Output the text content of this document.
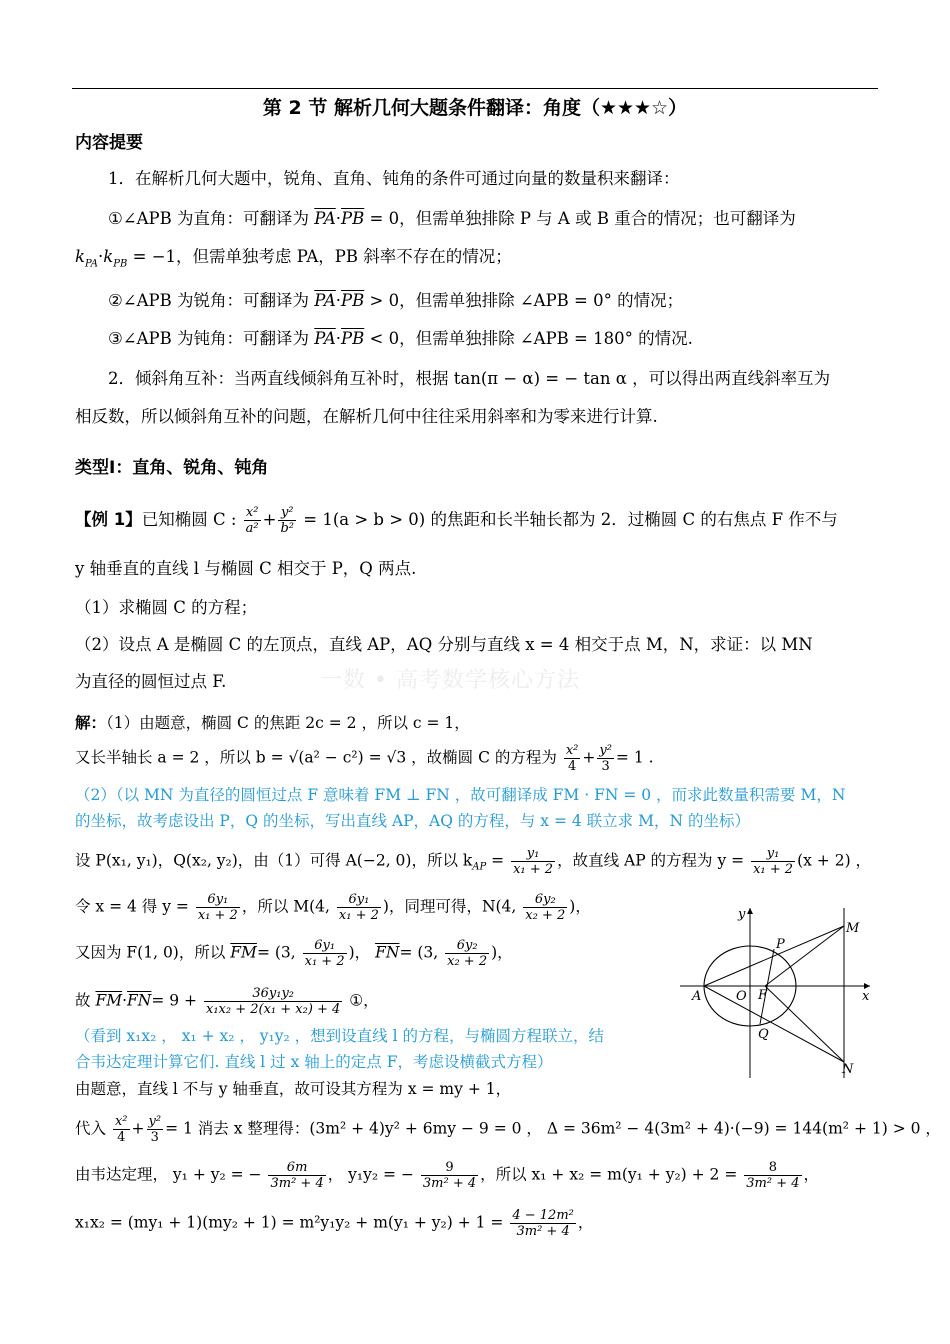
第 2 节 解析几何大题条件翻译：角度（★★★☆）
内容提要
1．在解析几何大题中，锐角、直角、钝角的条件可通过向量的数量积来翻译：
①∠APB 为直角：可翻译为 $\overline{PA}\cdot\overline{PB} = 0$，但需单独排除 P 与 A 或 B 重合的情况；也可翻译为
$k_{PA}\cdot k_{PB} = -1$，但需单独考虑 PA，PB 斜率不存在的情况；
②∠APB 为锐角：可翻译为 $\overline{PA}\cdot\overline{PB} > 0$，但需单独排除 ∠APB = 0° 的情况；
③∠APB 为钝角：可翻译为 $\overline{PA}\cdot\overline{PB} < 0$，但需单独排除 ∠APB = 180° 的情况.
2．倾斜角互补：当两直线倾斜角互补时，根据 tan(π − α) = − tan α ，可以得出两直线斜率互为
相反数，所以倾斜角互补的问题，在解析几何中往往采用斜率和为零来进行计算.
类型Ⅰ：直角、锐角、钝角
【例 1】已知椭圆 C : $\frac{\text{x²}}{\text{a²}} + \frac{\text{y²}}{\text{b²}} = 1(a > b > 0)$ 的焦距和长半轴长都为 2．过椭圆 C 的右焦点 F 作不与
y 轴垂直的直线 l 与椭圆 C 相交于 P，Q 两点.
（1）求椭圆 C 的方程；
（2）设点 A 是椭圆 C 的左顶点，直线 AP，AQ 分别与直线 x = 4 相交于点 M，N，求证：以 MN
为直径的圆恒过点 F.	一数 • 高考数学核心方法
解：（1）由题意，椭圆 C 的焦距 2c = 2 ，所以 c = 1，
又长半轴长 a = 2 ，所以 b = √(a² − c²) = √3 ，故椭圆 C 的方程为 $\frac{\text{x²}}{4} + \frac{\text{y²}}{3} = 1$ .
（2）（以 MN 为直径的圆恒过点 F 意味着 FM ⊥ FN ，故可翻译成 FM · FN = 0 ，而求此数量积需要 M，N
的坐标，故考虑设出 P，Q 的坐标，写出直线 AP，AQ 的方程，与 x = 4 联立求 M，N 的坐标）
设 P(x₁, y₁)，Q(x₂, y₂)，由（1）可得 A(−2, 0)，所以 $k_{AP} = \frac{\text{y₁}}{\text{x₁ + 2}}$ ，故直线 AP 的方程为 $y = \frac{\text{y₁}}{\text{x₁ + 2}} (x + 2)$ ，
令 x = 4 得 $y = \frac{\text{6y₁}}{\text{x₁ + 2}}$ ，所以 M(4, $\frac{\text{6y₁}}{\text{x₁ + 2}}$ )，同理可得，N(4, $\frac{\text{6y₂}}{\text{x₂ + 2}}$ )，
又因为 F(1, 0)，所以 $\overline{FM}= (3$, $\frac{\text{6y₁}}{\text{x₁ + 2}}$ )， $\overline{FN}= (3$, $\frac{\text{6y₂}}{\text{x₂ + 2}}$ )，
故 $\overline{FM}\cdot\overline{FN}= 9 + \frac{\text{36y₁y₂}}{\text{x₁x₂ + 2(x₁ + x₂) + 4}}$ ①，
（看到 x₁x₂ ， x₁ + x₂ ， y₁y₂ ，想到设直线 l 的方程，与椭圆方程联立，结
合韦达定理计算它们. 直线 l 过 x 轴上的定点 F，考虑设横截式方程）
由题意，直线 l 不与 y 轴垂直，故可设其方程为 x = my + 1，
代入 $\frac{\text{x²}}{4} + \frac{\text{y²}}{3} = 1$ 消去 x 整理得：(3m² + 4)y² + 6my − 9 = 0 ， Δ = 36m² − 4(3m² + 4)·(−9) = 144(m² + 1) > 0 ，
由韦达定理， y₁ + y₂ = − $\frac{6m}{\text{3m² + 4}}$ ， y₁y₂ = − $\frac{9}{\text{3m² + 4}}$ ，所以 $x_1 + x_2 = m(y_1 + y_2) + 2 = \frac{8}{\text{3m² + 4}}$ ，
$x_1x_2 = (my_1 + 1)(my_2 + 1) = m^2y_1y_2 + m(y_1 + y_2) + 1 = \frac{\text{4 − 12m²}}{\text{3m² + 4}}$ ，
y
x
O F
A
P
Q
M
N
